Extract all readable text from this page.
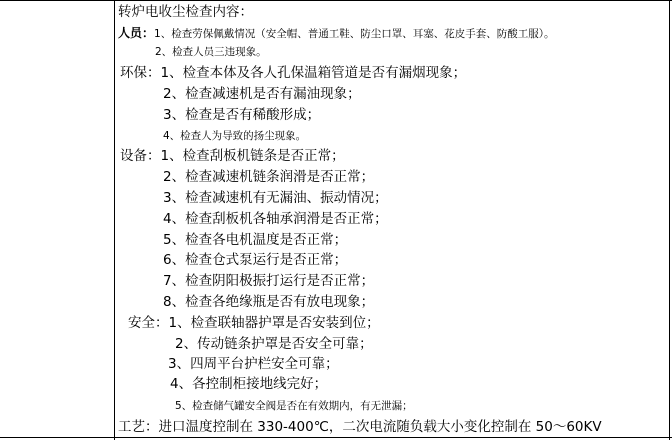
转炉电收尘检查内容：
人员：1、检查劳保佩戴情况（安全帽、普通工鞋、防尘口罩、耳塞、花皮手套、防酸工服）。
2、检查人员三违现象。
环保：1、检查本体及各人孔保温箱管道是否有漏烟现象；
2、检查减速机是否有漏油现象；
3、检查是否有稀酸形成；
4、检查人为导致的扬尘现象。
设备：1、检查刮板机链条是否正常；
2、检查减速机链条润滑是否正常；
3、检查减速机有无漏油、振动情况；
4、检查刮板机各轴承润滑是否正常；
5、检查各电机温度是否正常；
6、检查仓式泵运行是否正常；
7、检查阴阳极振打运行是否正常；
8、检查各绝缘瓶是否有放电现象；
安全：1、检查联轴器护罩是否安装到位；
2、传动链条护罩是否安全可靠；
3、四周平台护栏安全可靠；
4、各控制柜接地线完好；
5、检查储气罐安全阀是否在有效期内，有无泄漏；
工艺：进口温度控制在 330-400℃，二次电流随负载大小变化控制在 50～60KV
